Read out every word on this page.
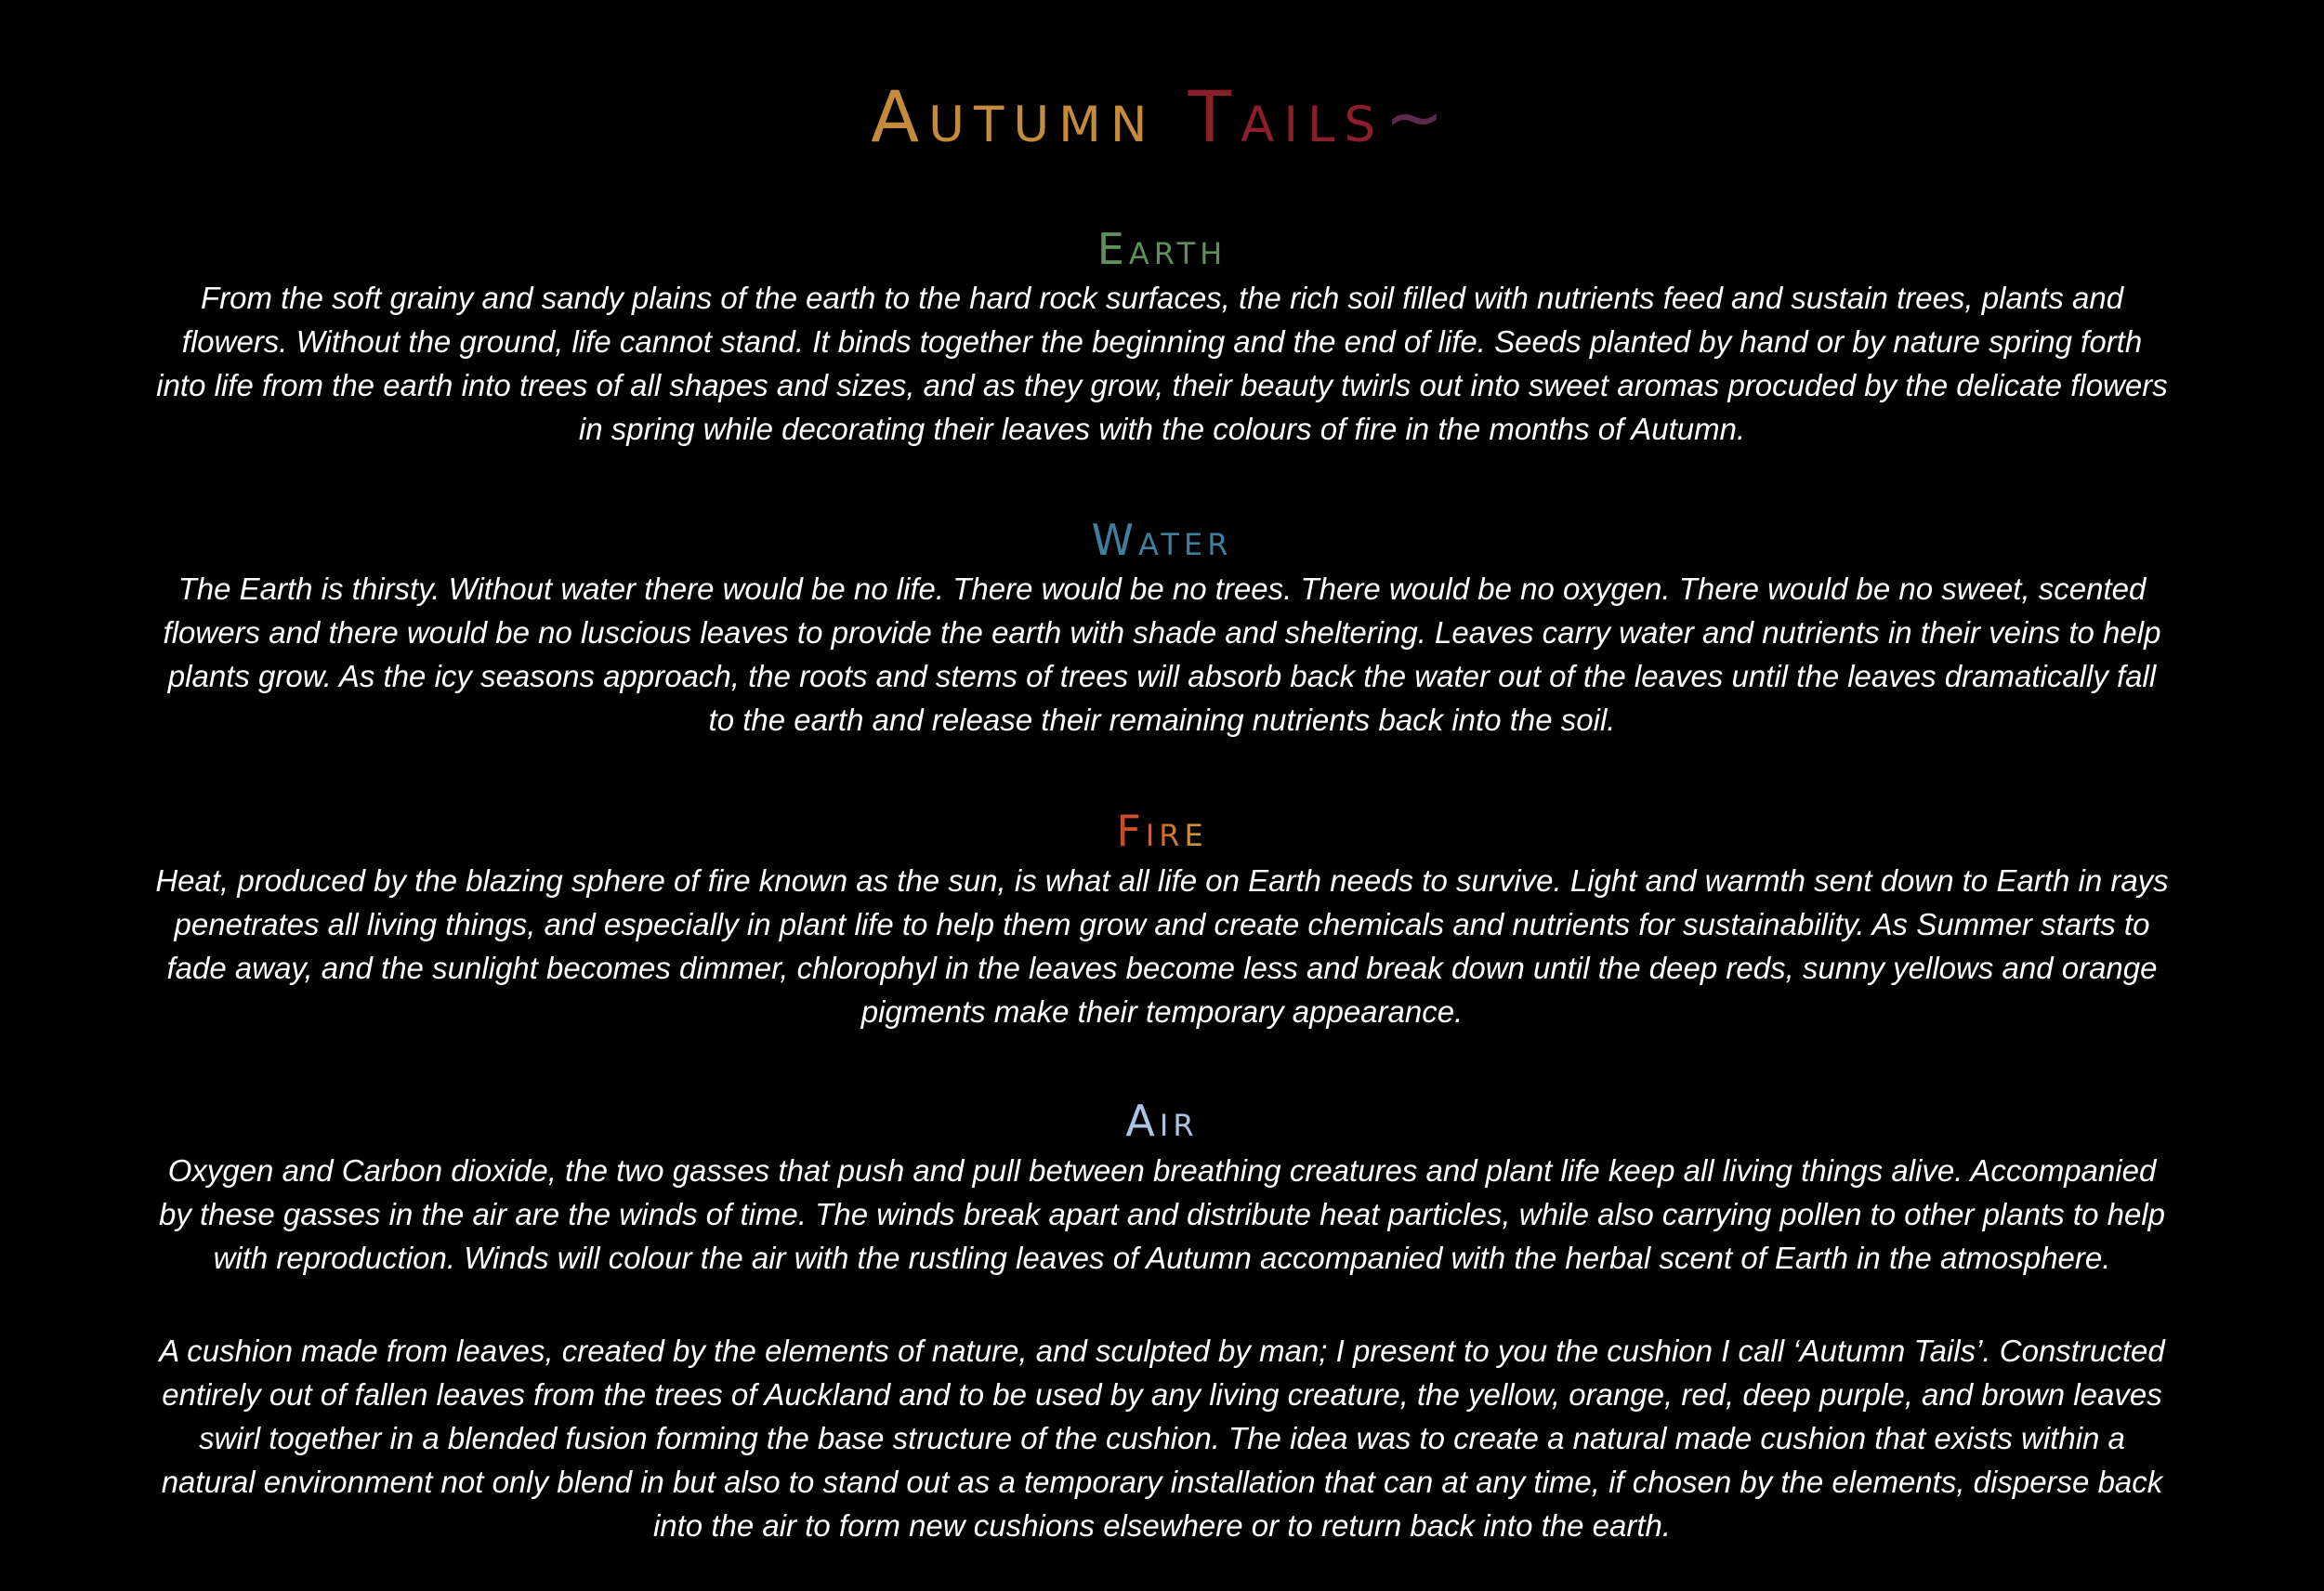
Autumn Tails~
Earth
From the soft grainy and sandy plains of the earth to the hard rock surfaces, the rich soil filled with nutrients feed and sustain trees, plants and
flowers. Without the ground, life cannot stand. It binds together the beginning and the end of life. Seeds planted by hand or by nature spring forth
into life from the earth into trees of all shapes and sizes, and as they grow, their beauty twirls out into sweet aromas procuded by the delicate flowers
in spring while decorating their leaves with the colours of fire in the months of Autumn.
Water
The Earth is thirsty. Without water there would be no life. There would be no trees. There would be no oxygen. There would be no sweet, scented
flowers and there would be no luscious leaves to provide the earth with shade and sheltering. Leaves carry water and nutrients in their veins to help
plants grow. As the icy seasons approach, the roots and stems of trees will absorb back the water out of the leaves until the leaves dramatically fall
to the earth and release their remaining nutrients back into the soil.
Fire
Heat, produced by the blazing sphere of fire known as the sun, is what all life on Earth needs to survive. Light and warmth sent down to Earth in rays
penetrates all living things, and especially in plant life to help them grow and create chemicals and nutrients for sustainability. As Summer starts to
fade away, and the sunlight becomes dimmer, chlorophyl in the leaves become less and break down until the deep reds, sunny yellows and orange
pigments make their temporary appearance.
Air
Oxygen and Carbon dioxide, the two gasses that push and pull between breathing creatures and plant life keep all living things alive. Accompanied
by these gasses in the air are the winds of time. The winds break apart and distribute heat particles, while also carrying pollen to other plants to help
with reproduction. Winds will colour the air with the rustling leaves of Autumn accompanied with the herbal scent of Earth in the atmosphere.
A cushion made from leaves, created by the elements of nature, and sculpted by man; I present to you the cushion I call ‘Autumn Tails’. Constructed
entirely out of fallen leaves from the trees of Auckland and to be used by any living creature, the yellow, orange, red, deep purple, and brown leaves
swirl together in a blended fusion forming the base structure of the cushion. The idea was to create a natural made cushion that exists within a
natural environment not only blend in but also to stand out as a temporary installation that can at any time, if chosen by the elements, disperse back
into the air to form new cushions elsewhere or to return back into the earth.
